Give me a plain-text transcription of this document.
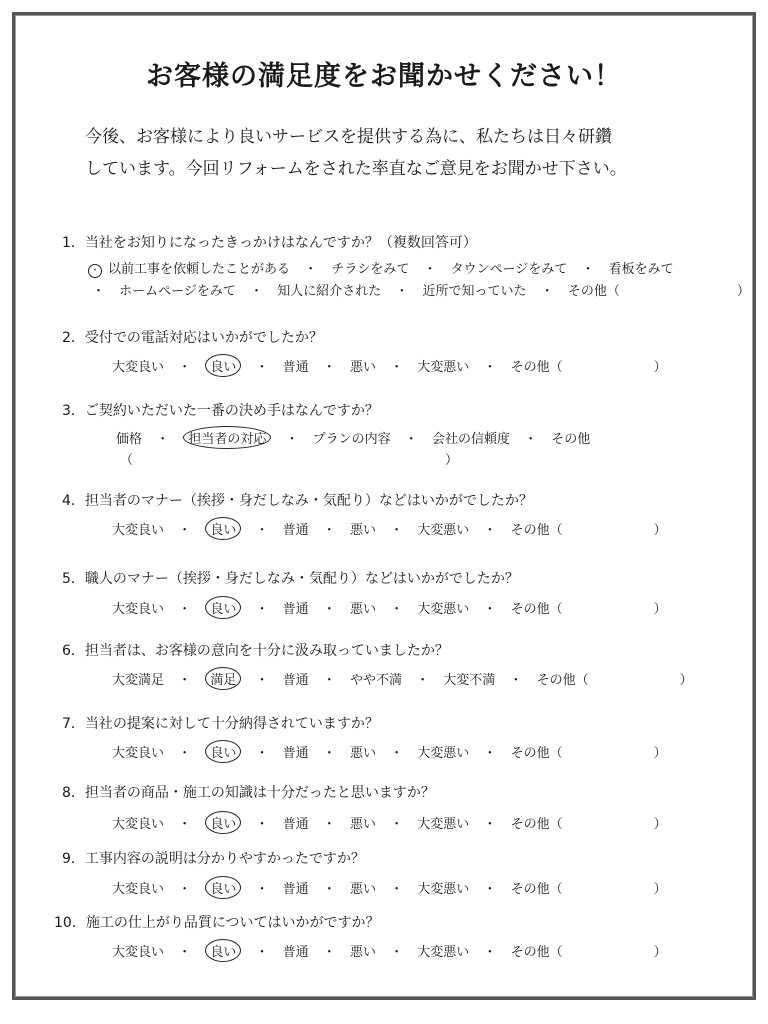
お客様の満足度をお聞かせください！
今後、お客様により良いサービスを提供する為に、私たちは日々研鑽
しています。今回リフォームをされた率直なご意見をお聞かせ下さい。
1．当社をお知りになったきっかけはなんですか？（複数回答可）
・ 以前工事を依頼したことがある ・ チラシをみて ・ タウンページをみて ・ 看板をみて
・ ホームページをみて ・ 知人に紹介された ・ 近所で知っていた ・ その他（　　　　　　　　　）
2．受付での電話対応はいかがでしたか？
大変良い ・ 良い ・ 普通 ・ 悪い ・ 大変悪い ・ その他（　　　　　　　）
3．ご契約いただいた一番の決め手はなんですか？
価格 ・ 担当者の対応 ・ プランの内容 ・ 会社の信頼度 ・ その他
（　　　　　　　　　　　　　　　　　　　　　　　　）
4．担当者のマナー（挨拶・身だしなみ・気配り）などはいかがでしたか？
大変良い ・ 良い ・ 普通 ・ 悪い ・ 大変悪い ・ その他（　　　　　　　）
5．職人のマナー（挨拶・身だしなみ・気配り）などはいかがでしたか？
大変良い ・ 良い ・ 普通 ・ 悪い ・ 大変悪い ・ その他（　　　　　　　）
6．担当者は、お客様の意向を十分に汲み取っていましたか？
大変満足 ・ 満足 ・ 普通 ・ やや不満 ・ 大変不満 ・ その他（　　　　　　　）
7．当社の提案に対して十分納得されていますか？
大変良い ・ 良い ・ 普通 ・ 悪い ・ 大変悪い ・ その他（　　　　　　　）
8．担当者の商品・施工の知識は十分だったと思いますか？
大変良い ・ 良い ・ 普通 ・ 悪い ・ 大変悪い ・ その他（　　　　　　　）
9．工事内容の説明は分かりやすかったですか？
大変良い ・ 良い ・ 普通 ・ 悪い ・ 大変悪い ・ その他（　　　　　　　）
10．施工の仕上がり品質についてはいかがですか？
大変良い ・ 良い ・ 普通 ・ 悪い ・ 大変悪い ・ その他（　　　　　　　）
